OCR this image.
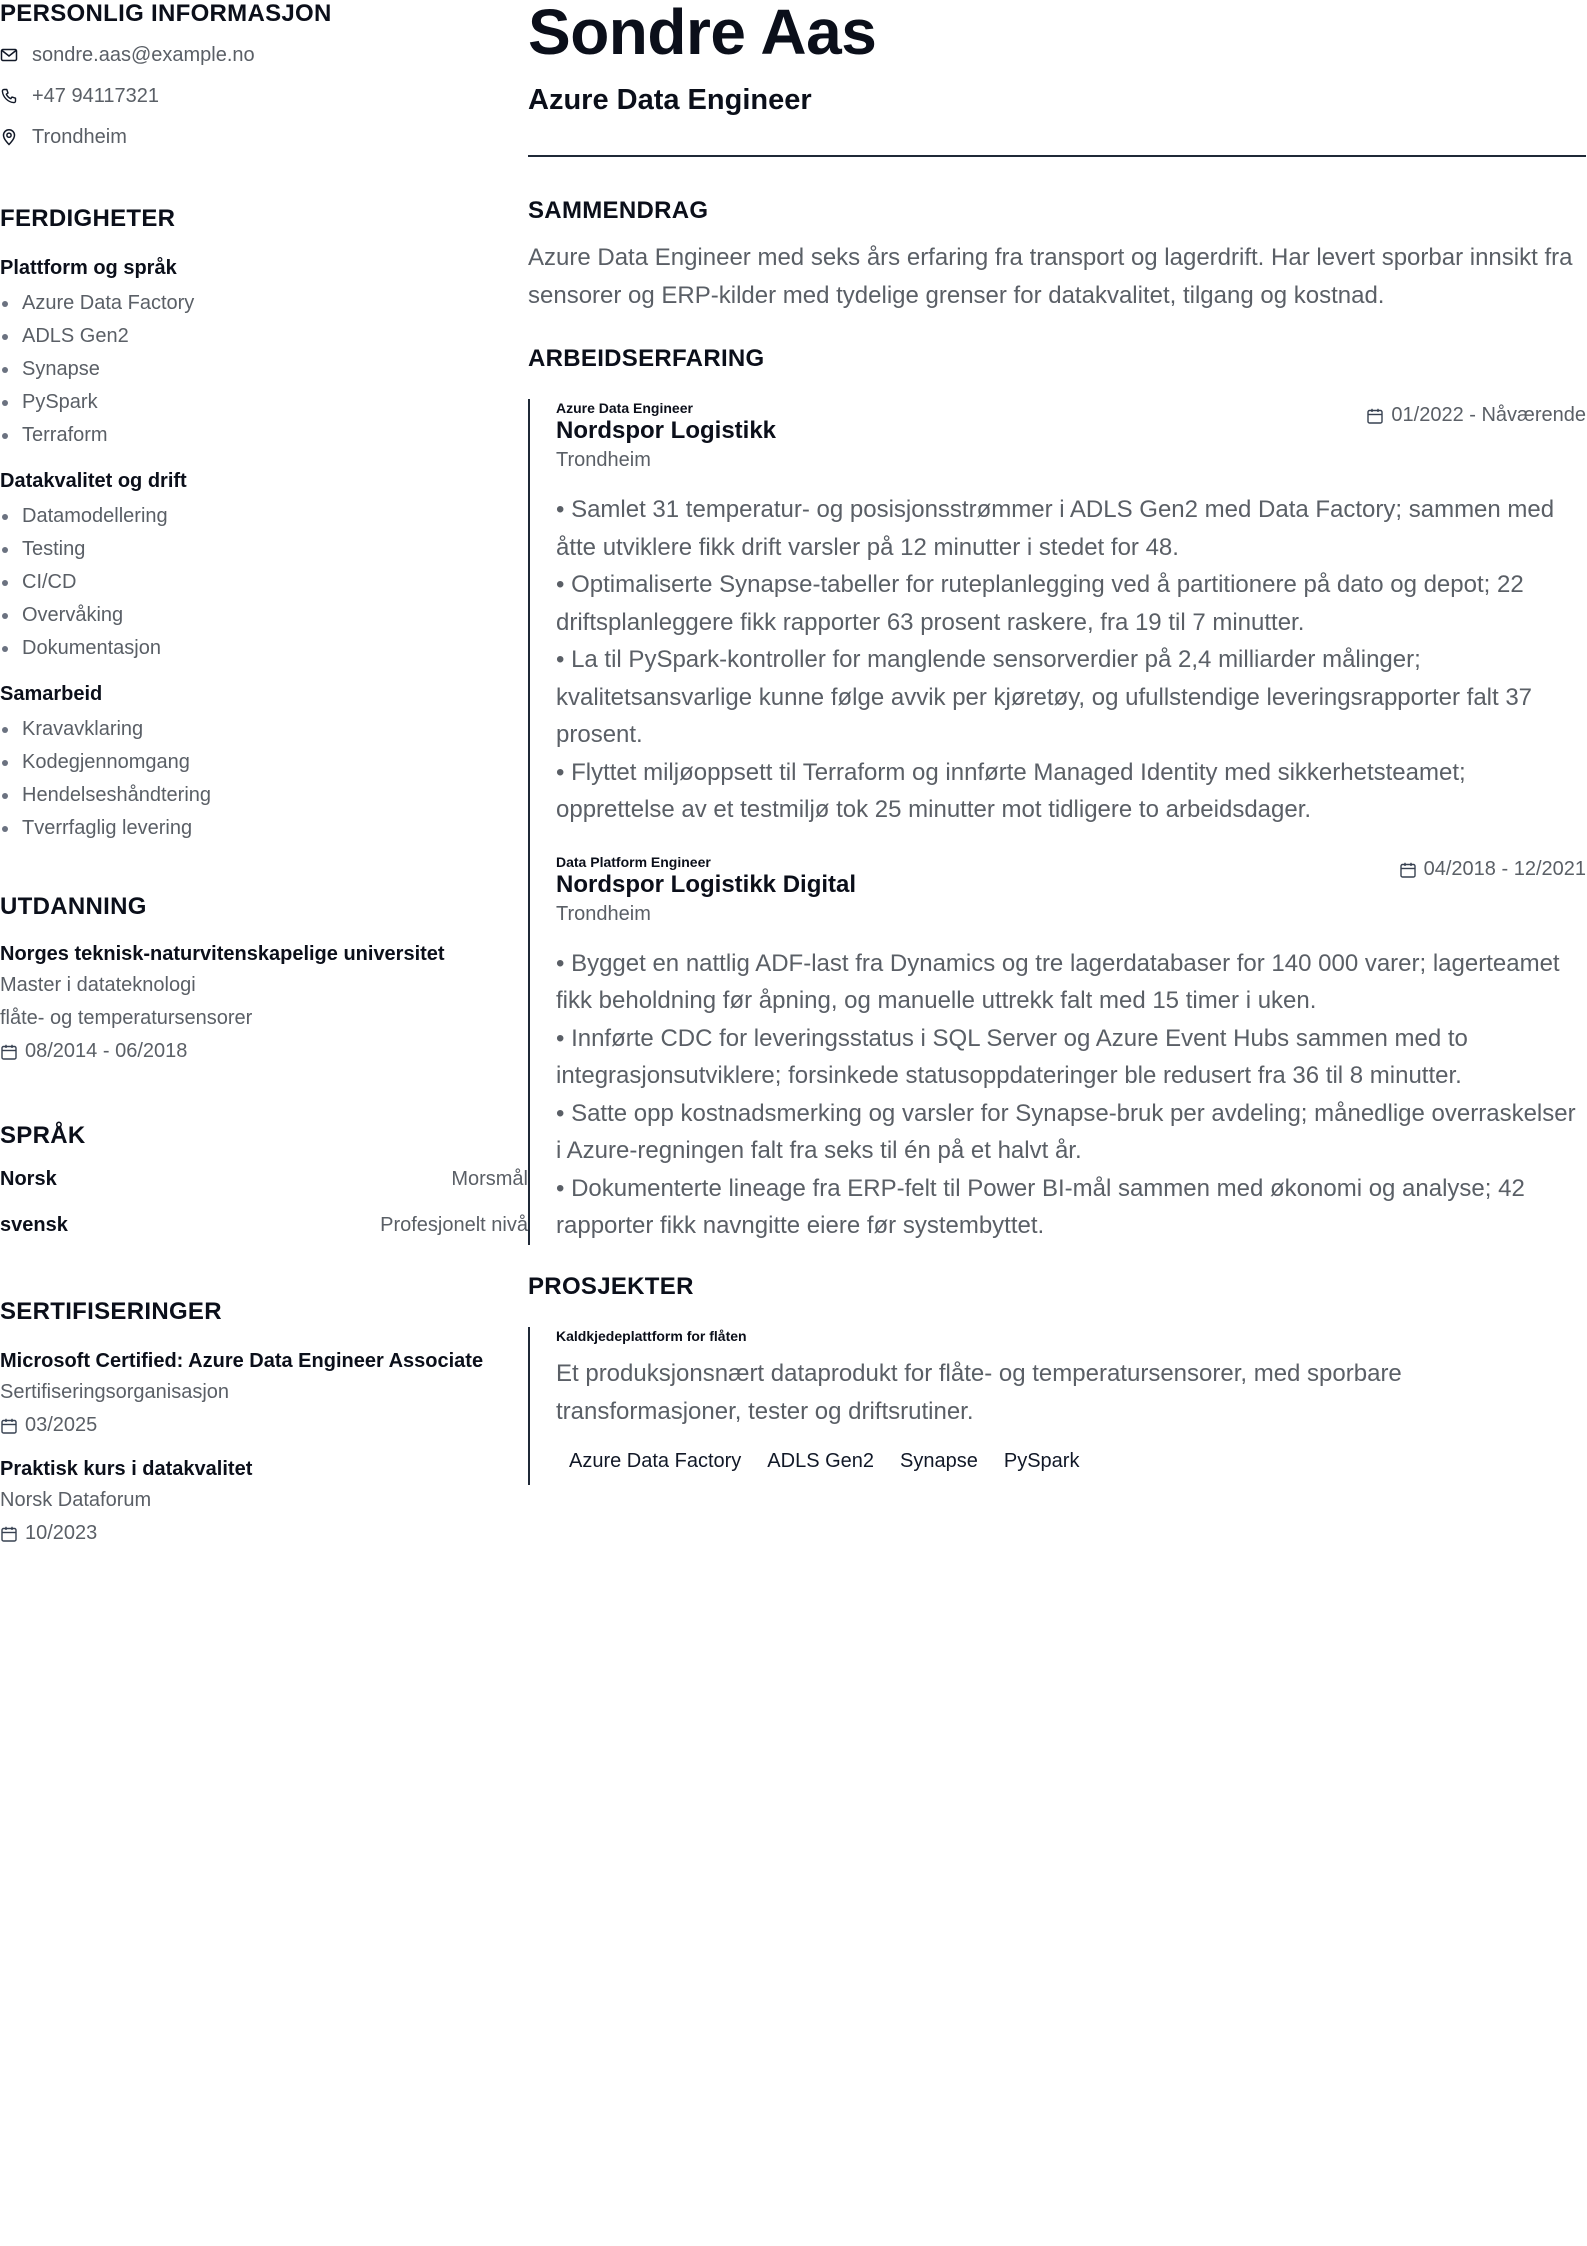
PERSONLIG INFORMASJON
sondre.aas@example.no
+47 94117321
Trondheim
FERDIGHETER
Plattform og språk
Azure Data Factory
ADLS Gen2
Synapse
PySpark
Terraform
Datakvalitet og drift
Datamodellering
Testing
CI/CD
Overvåking
Dokumentasjon
Samarbeid
Kravavklaring
Kodegjennomgang
Hendelseshåndtering
Tverrfaglig levering
UTDANNING
Norges teknisk-naturvitenskapelige universitet
Master i datateknologi
flåte- og temperatursensorer
08/2014 - 06/2018
SPRÅK
Norsk	Morsmål
svensk	Profesjonelt nivå
SERTIFISERINGER
Microsoft Certified: Azure Data Engineer Associate
Sertifiseringsorganisasjon
03/2025
Praktisk kurs i datakvalitet
Norsk Dataforum
10/2023
Sondre Aas
Azure Data Engineer
SAMMENDRAG
Azure Data Engineer med seks års erfaring fra transport og lagerdrift. Har levert sporbar innsikt fra sensorer og ERP-kilder med tydelige grenser for datakvalitet, tilgang og kostnad.
ARBEIDSERFARING
Azure Data Engineer
Nordspor Logistikk
Trondheim
01/2022 - Nåværende
• Samlet 31 temperatur- og posisjonsstrømmer i ADLS Gen2 med Data Factory; sammen med åtte utviklere fikk drift varsler på 12 minutter i stedet for 48.
• Optimaliserte Synapse-tabeller for ruteplanlegging ved å partitionere på dato og depot; 22 driftsplanleggere fikk rapporter 63 prosent raskere, fra 19 til 7 minutter.
• La til PySpark-kontroller for manglende sensorverdier på 2,4 milliarder målinger; kvalitetsansvarlige kunne følge avvik per kjøretøy, og ufullstendige leveringsrapporter falt 37 prosent.
• Flyttet miljøoppsett til Terraform og innførte Managed Identity med sikkerhetsteamet; opprettelse av et testmiljø tok 25 minutter mot tidligere to arbeidsdager.
Data Platform Engineer
Nordspor Logistikk Digital
Trondheim
04/2018 - 12/2021
• Bygget en nattlig ADF-last fra Dynamics og tre lagerdatabaser for 140 000 varer; lagerteamet fikk beholdning før åpning, og manuelle uttrekk falt med 15 timer i uken.
• Innførte CDC for leveringsstatus i SQL Server og Azure Event Hubs sammen med to integrasjonsutviklere; forsinkede statusoppdateringer ble redusert fra 36 til 8 minutter.
• Satte opp kostnadsmerking og varsler for Synapse-bruk per avdeling; månedlige overraskelser i Azure-regningen falt fra seks til én på et halvt år.
• Dokumenterte lineage fra ERP-felt til Power BI-mål sammen med økonomi og analyse; 42 rapporter fikk navngitte eiere før systembyttet.
PROSJEKTER
Kaldkjedeplattform for flåten
Et produksjonsnært dataprodukt for flåte- og temperatursensorer, med sporbare transformasjoner, tester og driftsrutiner.
Azure Data Factory	ADLS Gen2	Synapse	PySpark
